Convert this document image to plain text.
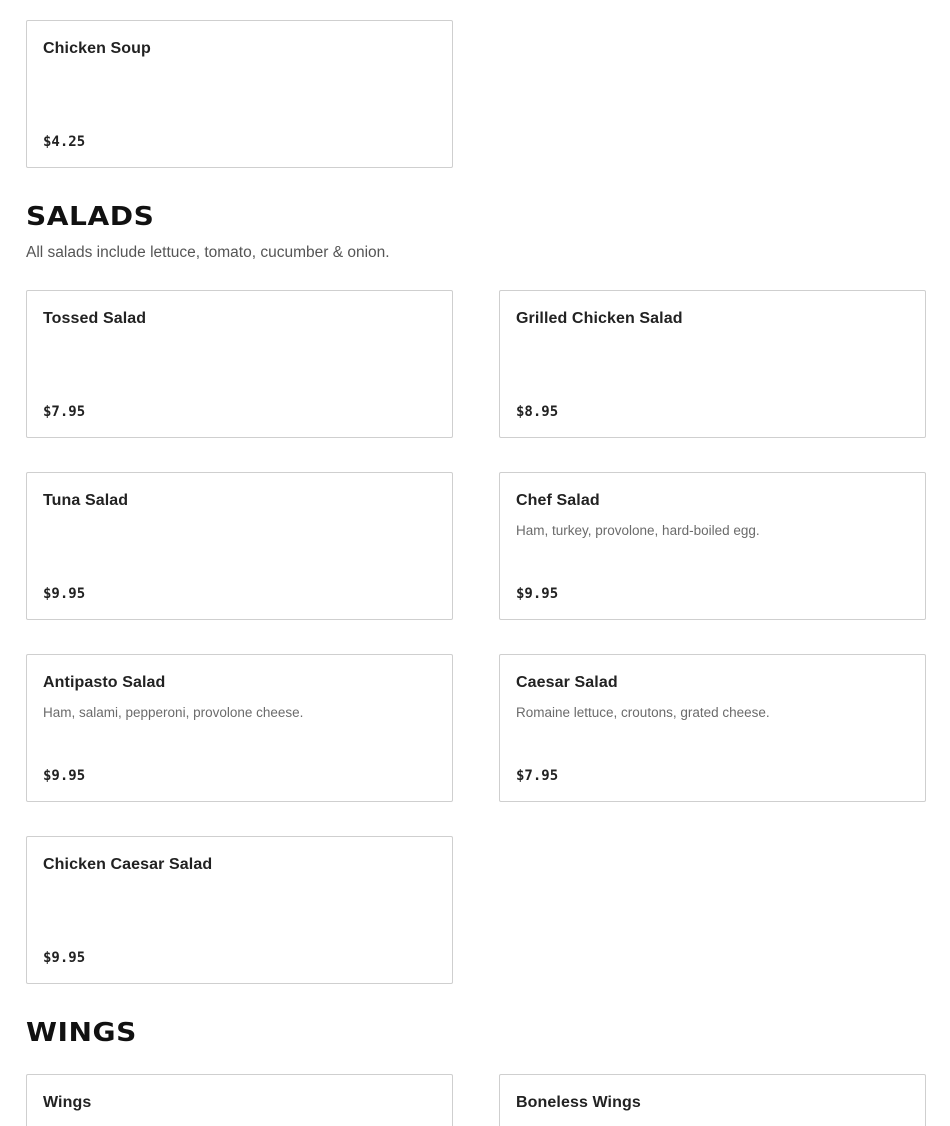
Chicken Soup
$4.25
SALADS
All salads include lettuce, tomato, cucumber & onion.
Tossed Salad
$7.95
Grilled Chicken Salad
$8.95
Tuna Salad
$9.95
Chef Salad
Ham, turkey, provolone, hard-boiled egg.
$9.95
Antipasto Salad
Ham, salami, pepperoni, provolone cheese.
$9.95
Caesar Salad
Romaine lettuce, croutons, grated cheese.
$7.95
Chicken Caesar Salad
$9.95
WINGS
Wings	Boneless Wings
